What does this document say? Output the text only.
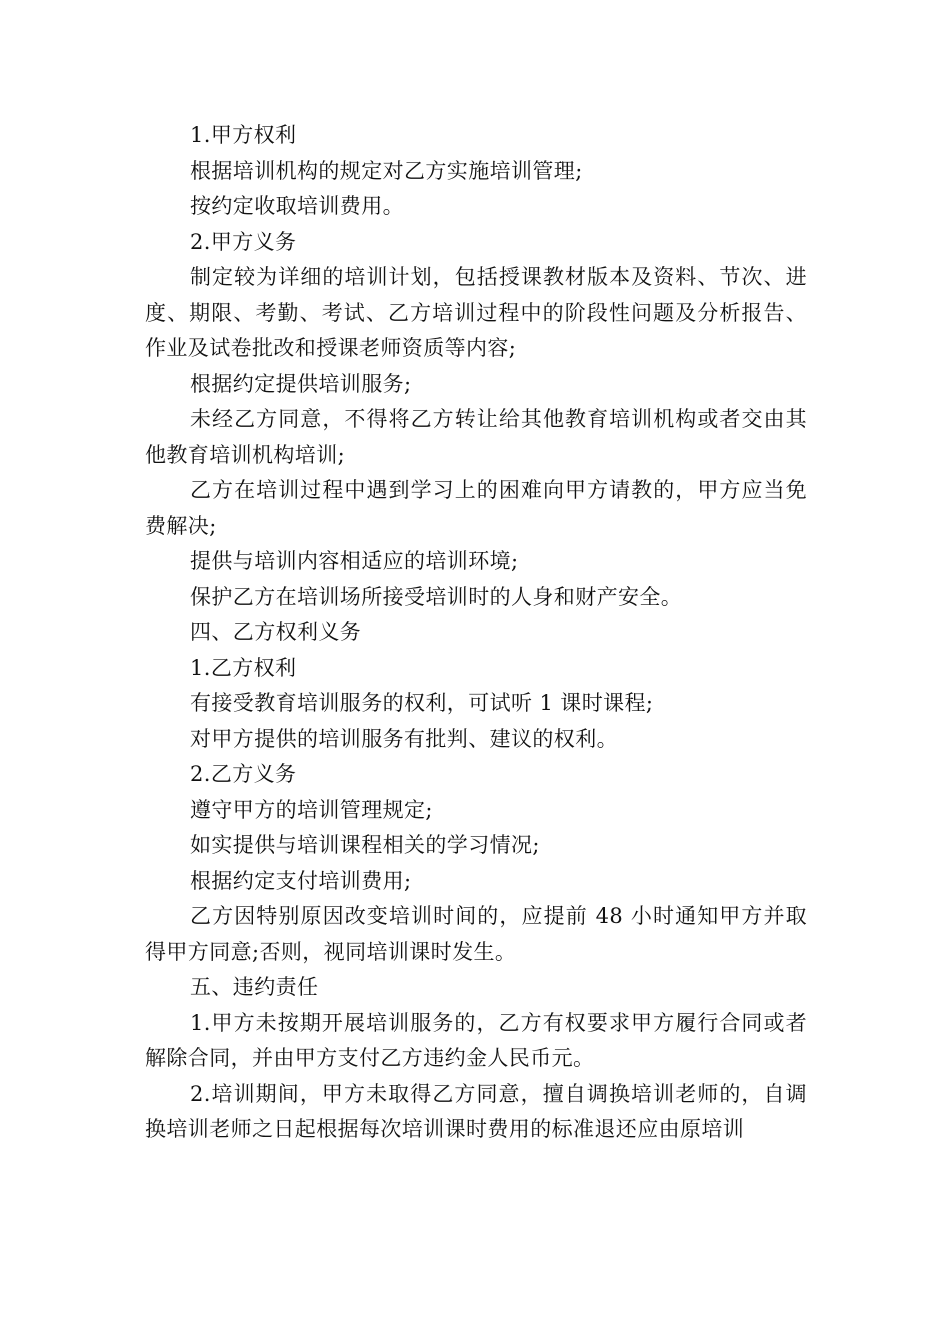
1.甲方权利

根据培训机构的规定对乙方实施培训管理;

按约定收取培训费用。

2.甲方义务

制定较为详细的培训计划，包括授课教材版本及资料、节次、进度、期限、考勤、考试、乙方培训过程中的阶段性问题及分析报告、作业及试卷批改和授课老师资质等内容;

根据约定提供培训服务;

未经乙方同意，不得将乙方转让给其他教育培训机构或者交由其他教育培训机构培训;

乙方在培训过程中遇到学习上的困难向甲方请教的，甲方应当免费解决;

提供与培训内容相适应的培训环境;

保护乙方在培训场所接受培训时的人身和财产安全。

四、乙方权利义务

1.乙方权利

有接受教育培训服务的权利，可试听 1 课时课程;

对甲方提供的培训服务有批判、建议的权利。

2.乙方义务

遵守甲方的培训管理规定;

如实提供与培训课程相关的学习情况;

根据约定支付培训费用;

乙方因特别原因改变培训时间的，应提前 48 小时通知甲方并取得甲方同意;否则，视同培训课时发生。

五、违约责任

1.甲方未按期开展培训服务的，乙方有权要求甲方履行合同或者解除合同，并由甲方支付乙方违约金人民币元。

2.培训期间，甲方未取得乙方同意，擅自调换培训老师的，自调换培训老师之日起根据每次培训课时费用的标准退还应由原培训
